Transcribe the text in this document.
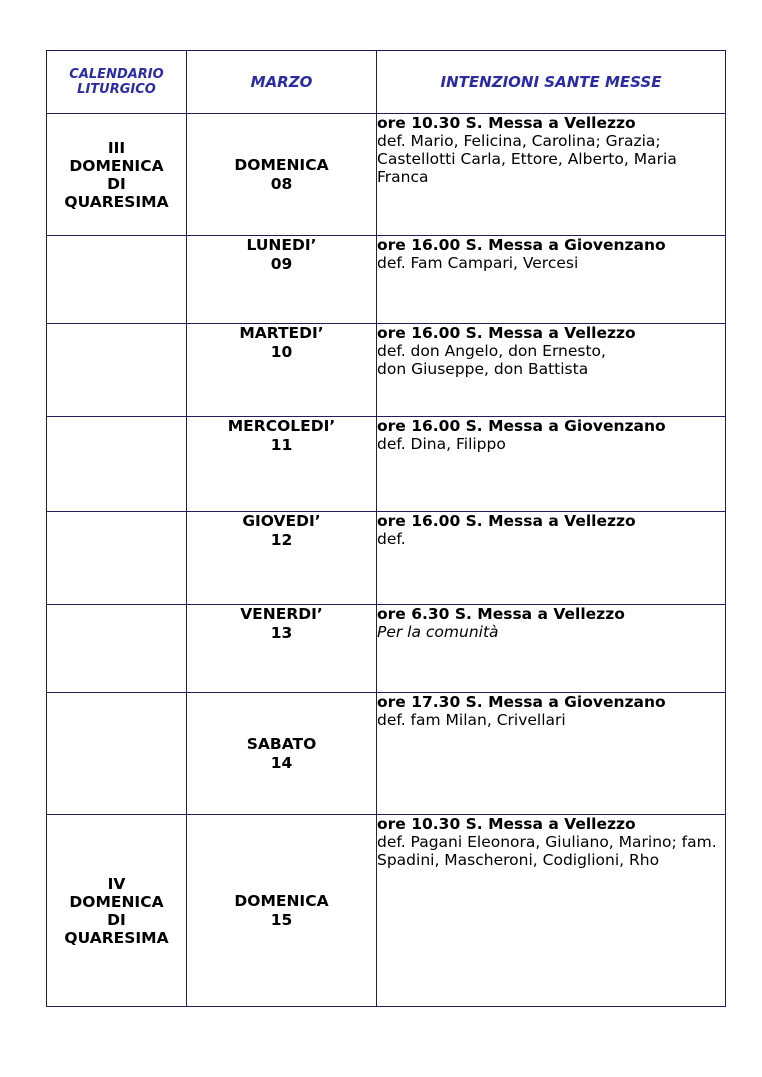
CALENDARIO
LITURGICO	MARZO	INTENZIONI SANTE MESSE

III
DOMENICA
DI
QUARESIMA	DOMENICA
08	ore 10.30 S. Messa a Vellezzo
def. Mario, Felicina, Carolina; Grazia; Castellotti Carla, Ettore, Alberto, Maria Franca

	LUNEDI’
09	ore 16.00 S. Messa a Giovenzano
def. Fam Campari, Vercesi

	MARTEDI’
10	ore 16.00 S. Messa a Vellezzo
def. don Angelo, don Ernesto,
don Giuseppe, don Battista

	MERCOLEDI’
11	ore 16.00 S. Messa a Giovenzano
def. Dina, Filippo

	GIOVEDI’
12	ore 16.00 S. Messa a Vellezzo
def.

	VENERDI’
13	ore 6.30 S. Messa a Vellezzo
Per la comunità

	SABATO
14	ore 17.30 S. Messa a Giovenzano
def. fam Milan, Crivellari

IV
DOMENICA
DI
QUARESIMA	DOMENICA
15	ore 10.30 S. Messa a Vellezzo
def. Pagani Eleonora, Giuliano, Marino; fam. Spadini, Mascheroni, Codiglioni, Rho
